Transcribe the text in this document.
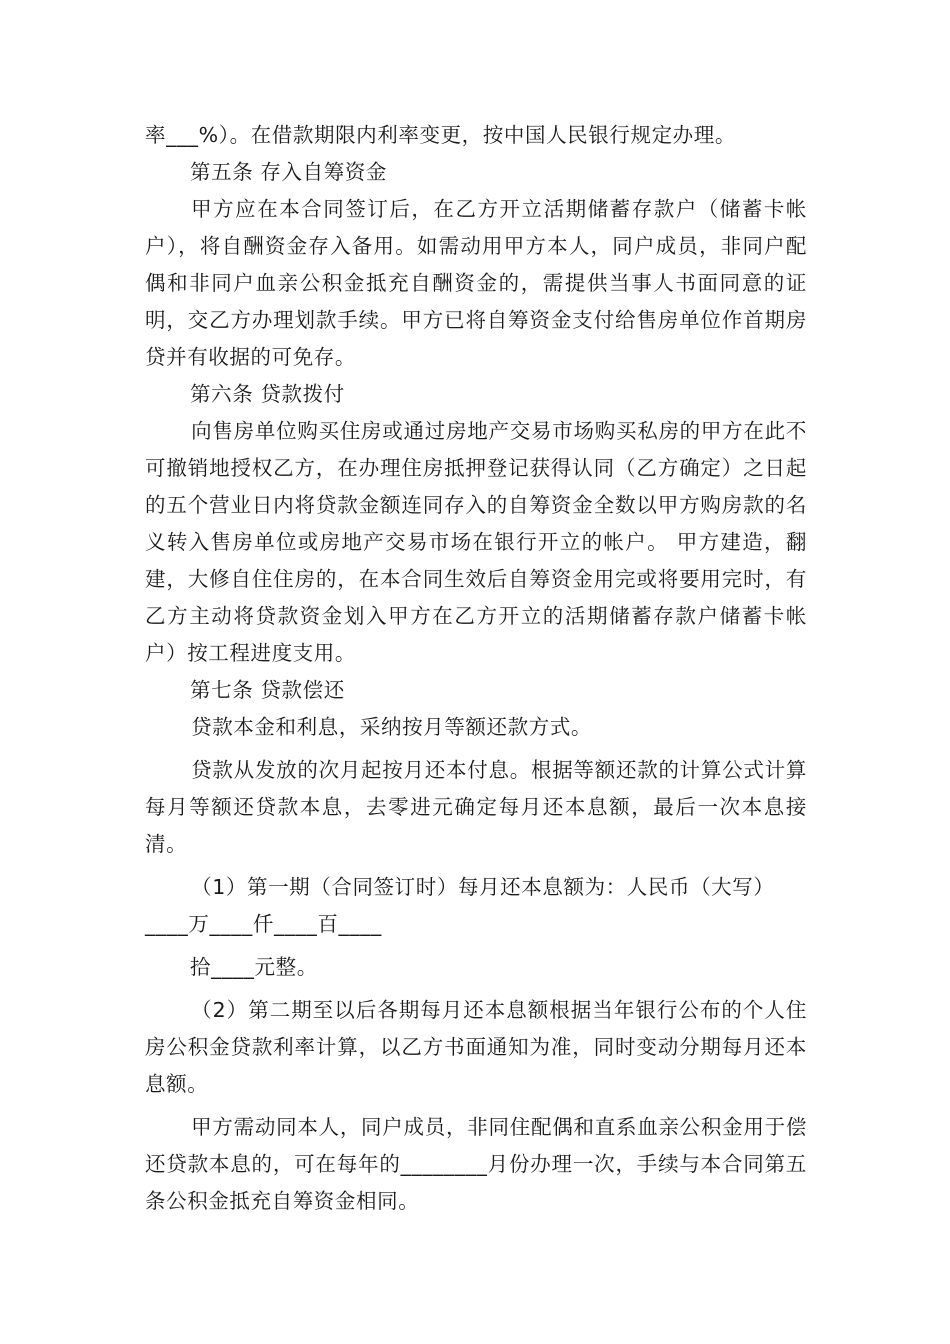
率___%）。在借款期限内利率变更，按中国人民银行规定办理。

第五条 存入自筹资金

甲方应在本合同签订后，在乙方开立活期储蓄存款户（储蓄卡帐户），将自酬资金存入备用。如需动用甲方本人，同户成员，非同户配偶和非同户血亲公积金抵充自酬资金的，需提供当事人书面同意的证明，交乙方办理划款手续。甲方已将自筹资金支付给售房单位作首期房贷并有收据的可免存。

第六条 贷款拨付

向售房单位购买住房或通过房地产交易市场购买私房的甲方在此不可撤销地授权乙方，在办理住房抵押登记获得认同（乙方确定）之日起的五个营业日内将贷款金额连同存入的自筹资金全数以甲方购房款的名义转入售房单位或房地产交易市场在银行开立的帐户。 甲方建造，翻建，大修自住住房的，在本合同生效后自筹资金用完或将要用完时，有乙方主动将贷款资金划入甲方在乙方开立的活期储蓄存款户储蓄卡帐户）按工程进度支用。

第七条 贷款偿还

贷款本金和利息，采纳按月等额还款方式。

贷款从发放的次月起按月还本付息。根据等额还款的计算公式计算每月等额还贷款本息，去零进元确定每月还本息额，最后一次本息接清。

（1）第一期（合同签订时）每月还本息额为：人民币（大写）

____万____仟____百____

拾____元整。

（2）第二期至以后各期每月还本息额根据当年银行公布的个人住房公积金贷款利率计算，以乙方书面通知为准，同时变动分期每月还本息额。

甲方需动同本人，同户成员，非同住配偶和直系血亲公积金用于偿还贷款本息的，可在每年的________月份办理一次，手续与本合同第五条公积金抵充自筹资金相同。
